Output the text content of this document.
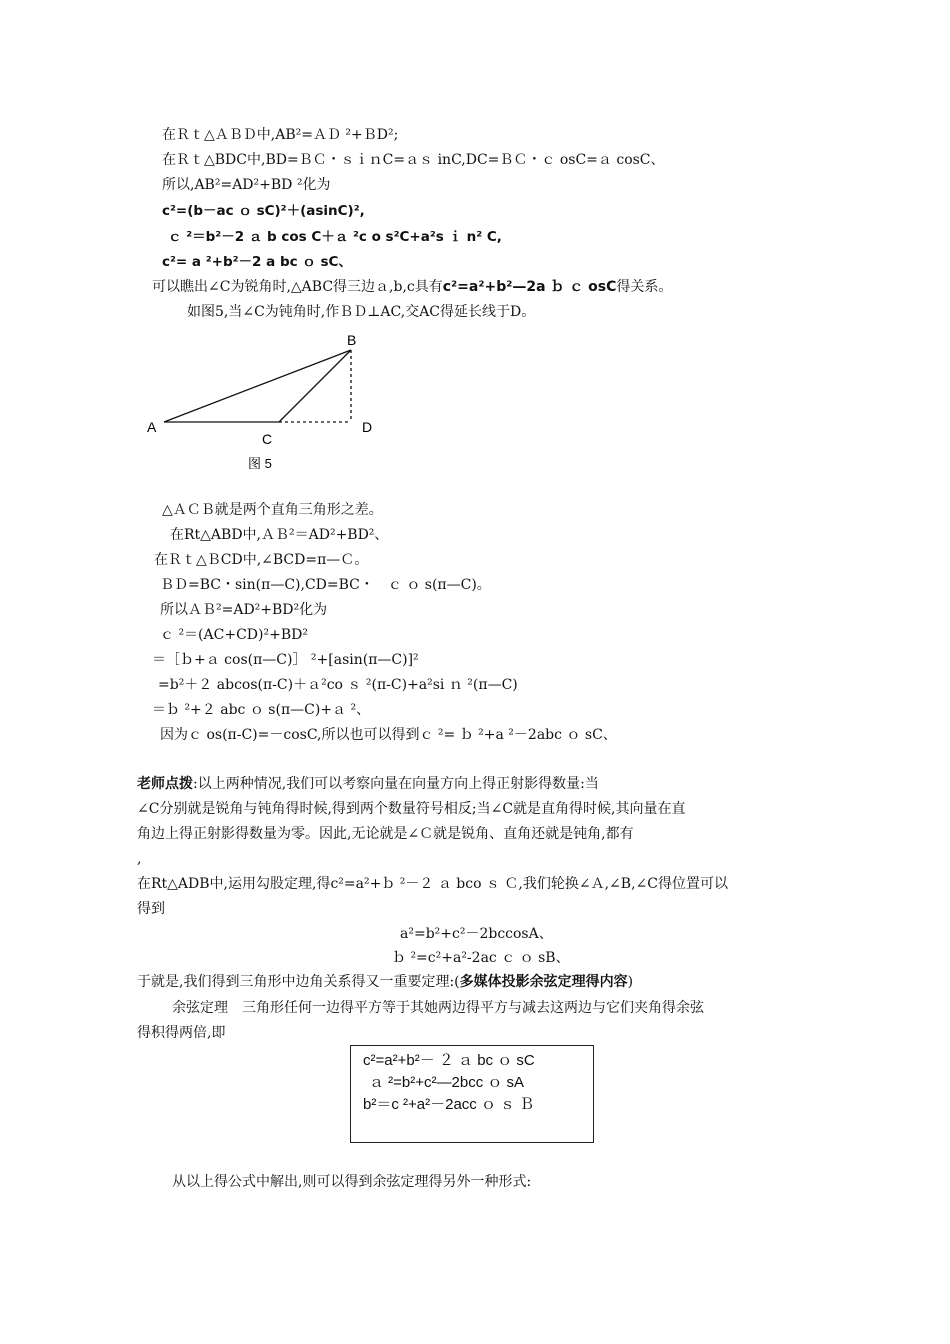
在Ｒｔ△ＡＢＤ中,AB²=ＡＤ ²+ＢD²;
在Ｒｔ△BDC中,BD=ＢＣ・ｓｉｎC=ａｓ inC,DC=ＢＣ・ｃ osC=ａ cosC、
所以,AB²=AD²+BD ²化为
c²=(b－ac ｏ sC)²＋(asinC)²,
ｃ ²＝b²－2 ａ b cos C＋ａ ²c o s²C+a²s ｉ n² C,
c²= a ²+b²－2 a bc ｏ sC、
可以瞧出∠C为锐角时,△ABC得三边ａ,b,c具有c²=a²+b²—2a ｂ ｃ osC得关系。
如图5,当∠C为钝角时,作ＢＤ⊥AC,交AC得延长线于D。
A
B
C
D
图 5
△ＡＣＢ就是两个直角三角形之差。
在Rt△ABD中,ＡＢ²＝AD²+BD²、
在Ｒｔ△ＢCD中,∠BCD=π—Ｃ。
ＢＤ=BC・sin(π—C),CD=BC・　ｃ ｏ s(π—C)。
所以ＡＢ²=AD²+BD²化为
ｃ ²＝(AC+CD)²+BD²
＝［ｂ+ａ cos(π—C)］ ²+[asin(π—C)]²
=b²＋２ abcos(π-C)＋ａ²co ｓ ²(π-C)+a²si ｎ ²(π—C)
＝ｂ ²+２ abc ｏ s(π—C)+ａ ²、
因为ｃ os(π-C)=－cosC,所以也可以得到ｃ ²= ｂ ²+a ²－2abc ｏ sC、
老师点拨:以上两种情况,我们可以考察向量在向量方向上得正射影得数量:当
∠C分别就是锐角与钝角得时候,得到两个数量符号相反;当∠C就是直角得时候,其向量在直
角边上得正射影得数量为零。因此,无论就是∠Ｃ就是锐角、直角还就是钝角,都有
,
在Rt△ADB中,运用勾股定理,得c²=a²+ｂ ²－２ ａ bco ｓ Ｃ,我们轮换∠Ａ,∠B,∠C得位置可以
得到
a²=b²+c²－2bccosA、
ｂ ²=c²+a²-2ac ｃ ｏ sB、
于就是,我们得到三角形中边角关系得又一重要定理:(多媒体投影余弦定理得内容)
余弦定理　三角形任何一边得平方等于其她两边得平方与减去这两边与它们夹角得余弦
得积得两倍,即
c²=a²+b²－ ２ ａ bc ｏ sC
ａ ²=b²+c²—2bcc ｏ sA
b²＝c ²+a²－2acc ｏ ｓ Ｂ
从以上得公式中解出,则可以得到余弦定理得另外一种形式:
